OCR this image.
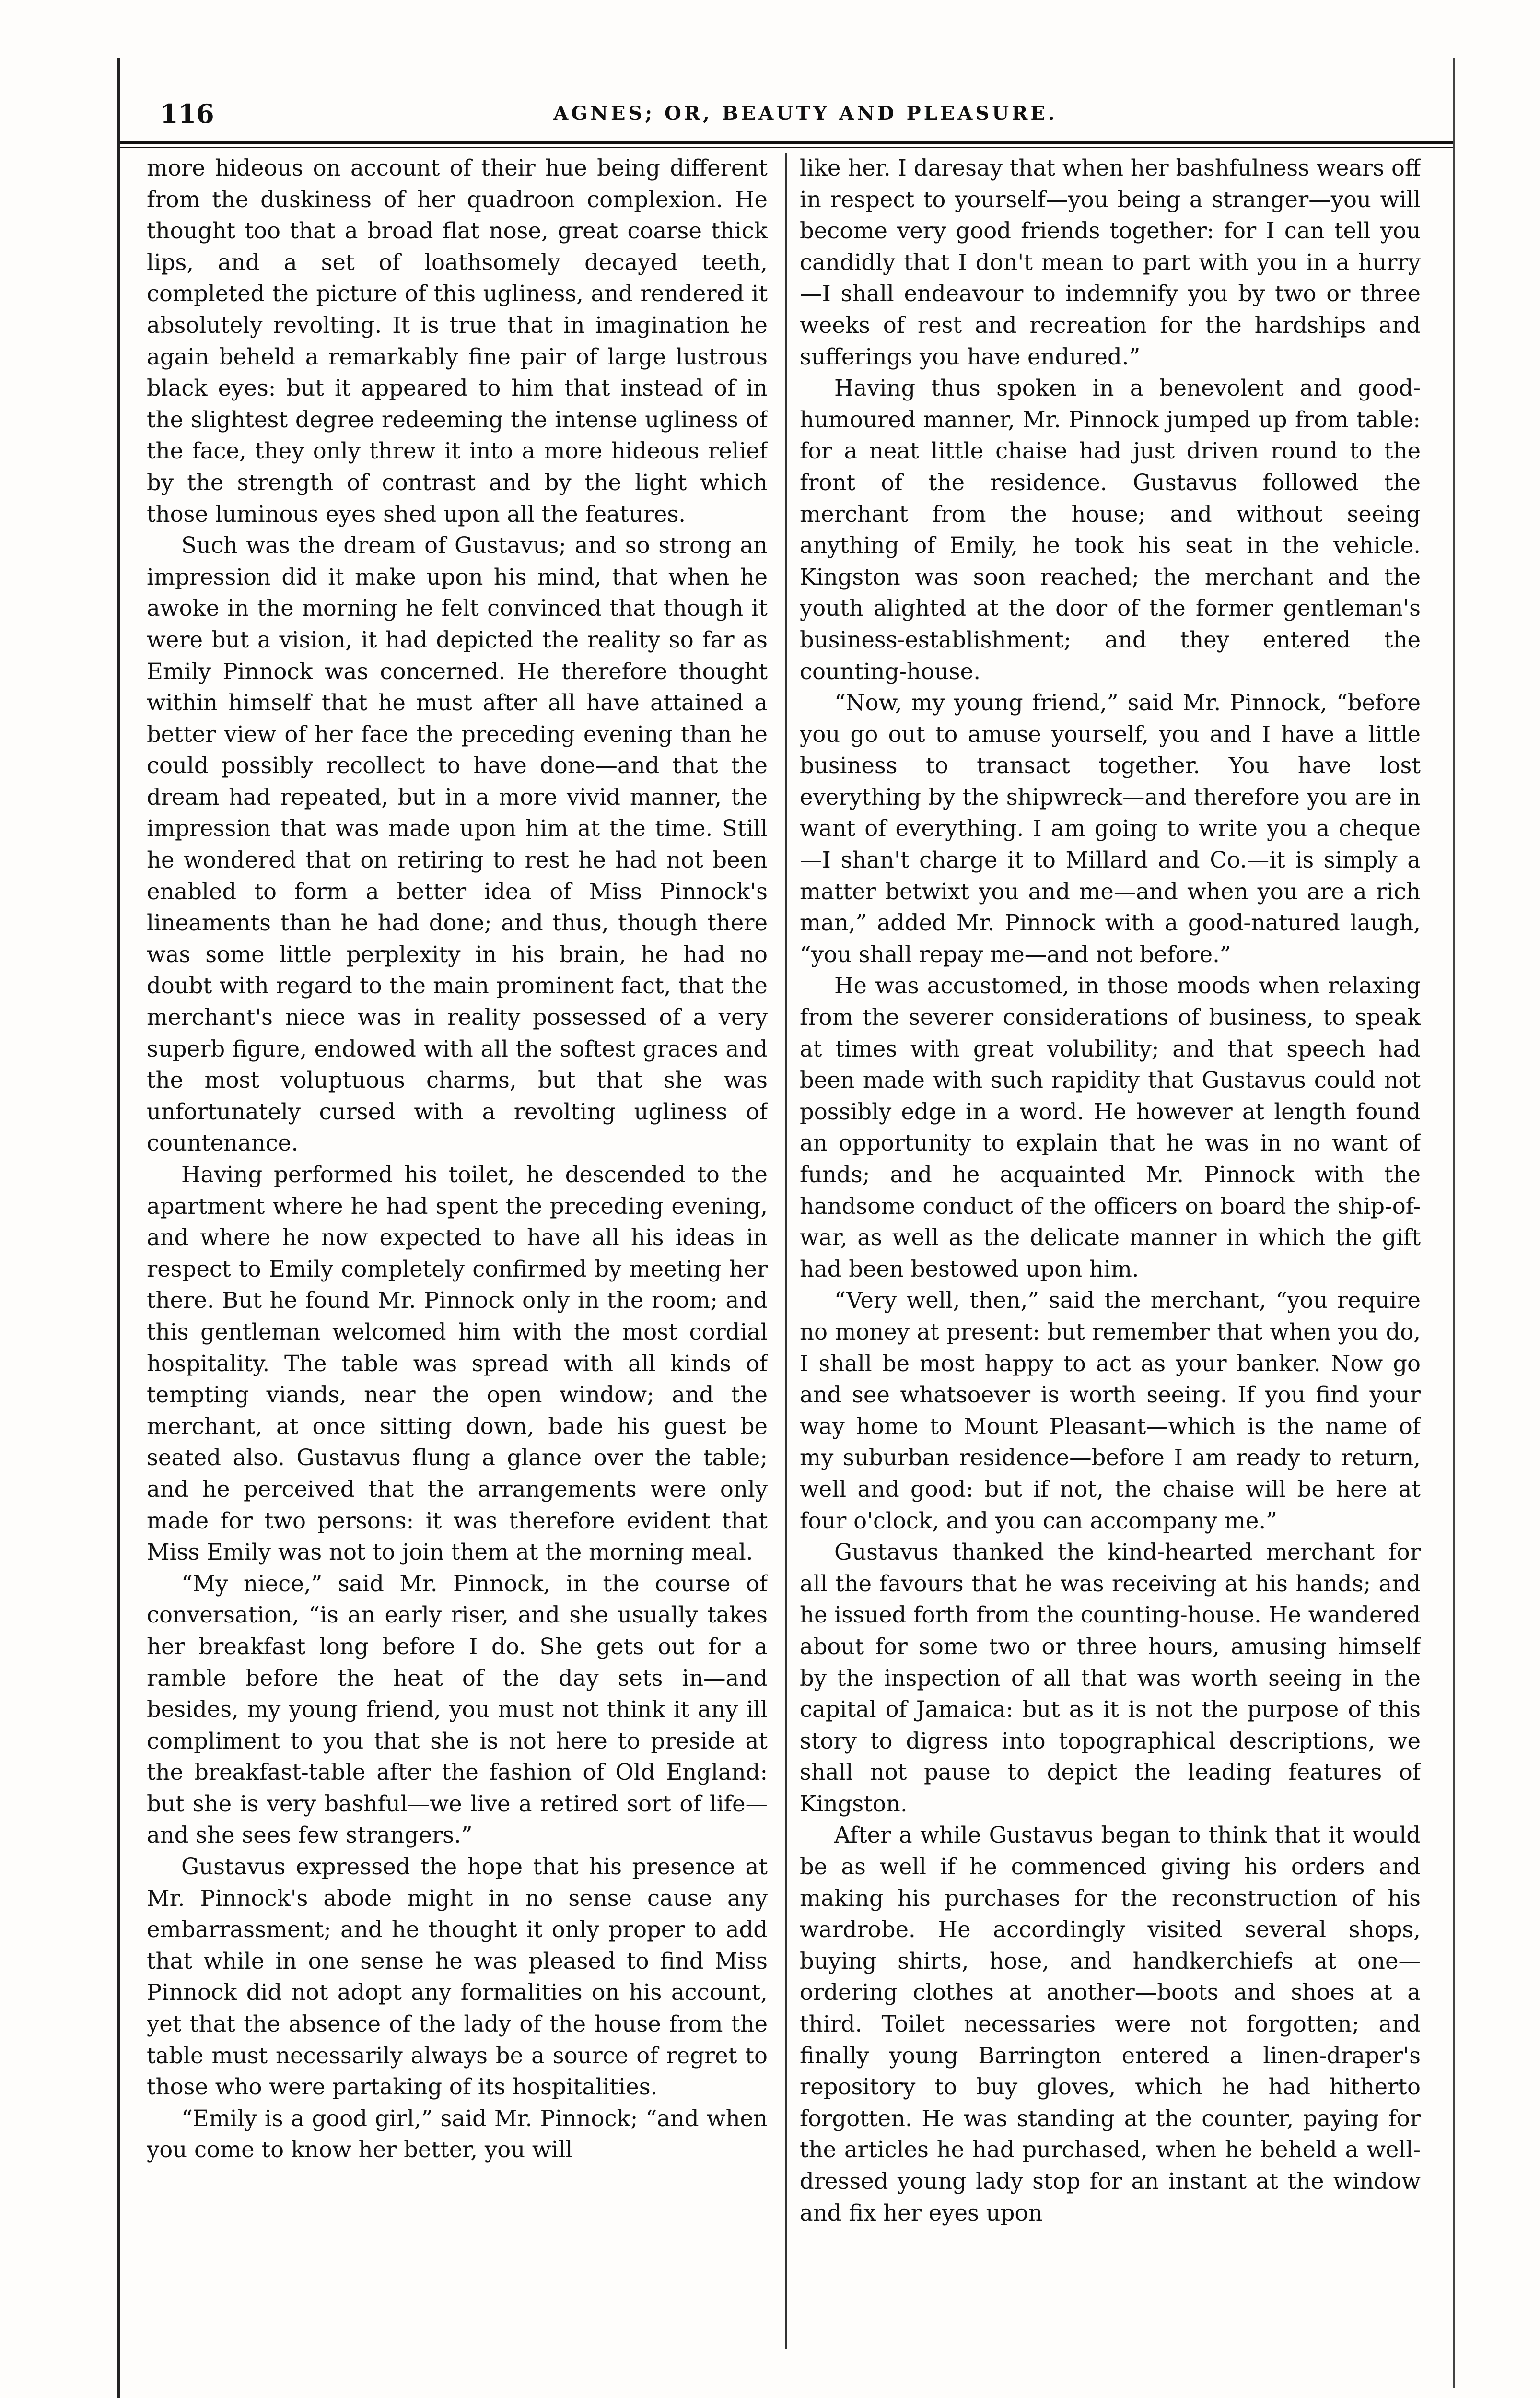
116	AGNES; OR, BEAUTY AND PLEASURE.

more hideous on account of their hue being different from the duskiness of her quadroon complexion. He thought too that a broad flat nose, great coarse thick lips, and a set of loathsomely decayed teeth, completed the picture of this ugliness, and rendered it absolutely revolting. It is true that in imagination he again beheld a remarkably fine pair of large lustrous black eyes: but it appeared to him that instead of in the slightest degree redeeming the intense ugliness of the face, they only threw it into a more hideous relief by the strength of contrast and by the light which those luminous eyes shed upon all the features.

Such was the dream of Gustavus; and so strong an impression did it make upon his mind, that when he awoke in the morning he felt convinced that though it were but a vision, it had depicted the reality so far as Emily Pinnock was concerned. He therefore thought within himself that he must after all have attained a better view of her face the preceding evening than he could possibly recollect to have done—and that the dream had repeated, but in a more vivid manner, the impression that was made upon him at the time. Still he wondered that on retiring to rest he had not been enabled to form a better idea of Miss Pinnock's lineaments than he had done; and thus, though there was some little perplexity in his brain, he had no doubt with regard to the main prominent fact, that the merchant's niece was in reality possessed of a very superb figure, endowed with all the softest graces and the most voluptuous charms, but that she was unfortunately cursed with a revolting ugliness of countenance.

Having performed his toilet, he descended to the apartment where he had spent the preceding evening, and where he now expected to have all his ideas in respect to Emily completely confirmed by meeting her there. But he found Mr. Pinnock only in the room; and this gentleman welcomed him with the most cordial hospitality. The table was spread with all kinds of tempting viands, near the open window; and the merchant, at once sitting down, bade his guest be seated also. Gustavus flung a glance over the table; and he perceived that the arrangements were only made for two persons: it was therefore evident that Miss Emily was not to join them at the morning meal.

“My niece,” said Mr. Pinnock, in the course of conversation, “is an early riser, and she usually takes her breakfast long before I do. She gets out for a ramble before the heat of the day sets in—and besides, my young friend, you must not think it any ill compliment to you that she is not here to preside at the breakfast-table after the fashion of Old England: but she is very bashful—we live a retired sort of life—and she sees few strangers.”

Gustavus expressed the hope that his presence at Mr. Pinnock's abode might in no sense cause any embarrassment; and he thought it only proper to add that while in one sense he was pleased to find Miss Pinnock did not adopt any formalities on his account, yet that the absence of the lady of the house from the table must necessarily always be a source of regret to those who were partaking of its hospitalities.

“Emily is a good girl,” said Mr. Pinnock; “and when you come to know her better, you will

like her. I daresay that when her bashfulness wears off in respect to yourself—you being a stranger—you will become very good friends together: for I can tell you candidly that I don't mean to part with you in a hurry—I shall endeavour to indemnify you by two or three weeks of rest and recreation for the hardships and sufferings you have endured.”

Having thus spoken in a benevolent and good-humoured manner, Mr. Pinnock jumped up from table: for a neat little chaise had just driven round to the front of the residence. Gustavus followed the merchant from the house; and without seeing anything of Emily, he took his seat in the vehicle. Kingston was soon reached; the merchant and the youth alighted at the door of the former gentleman's business-establishment; and they entered the counting-house.

“Now, my young friend,” said Mr. Pinnock, “before you go out to amuse yourself, you and I have a little business to transact together. You have lost everything by the shipwreck—and therefore you are in want of everything. I am going to write you a cheque—I shan't charge it to Millard and Co.—it is simply a matter betwixt you and me—and when you are a rich man,” added Mr. Pinnock with a good-natured laugh, “you shall repay me—and not before.”

He was accustomed, in those moods when relaxing from the severer considerations of business, to speak at times with great volubility; and that speech had been made with such rapidity that Gustavus could not possibly edge in a word. He however at length found an opportunity to explain that he was in no want of funds; and he acquainted Mr. Pinnock with the handsome conduct of the officers on board the ship-of-war, as well as the delicate manner in which the gift had been bestowed upon him.

“Very well, then,” said the merchant, “you require no money at present: but remember that when you do, I shall be most happy to act as your banker. Now go and see whatsoever is worth seeing. If you find your way home to Mount Pleasant—which is the name of my suburban residence—before I am ready to return, well and good: but if not, the chaise will be here at four o'clock, and you can accompany me.”

Gustavus thanked the kind-hearted merchant for all the favours that he was receiving at his hands; and he issued forth from the counting-house. He wandered about for some two or three hours, amusing himself by the inspection of all that was worth seeing in the capital of Jamaica: but as it is not the purpose of this story to digress into topographical descriptions, we shall not pause to depict the leading features of Kingston.

After a while Gustavus began to think that it would be as well if he commenced giving his orders and making his purchases for the reconstruction of his wardrobe. He accordingly visited several shops, buying shirts, hose, and handkerchiefs at one—ordering clothes at another—boots and shoes at a third. Toilet necessaries were not forgotten; and finally young Barrington entered a linen-draper's repository to buy gloves, which he had hitherto forgotten. He was standing at the counter, paying for the articles he had purchased, when he beheld a well-dressed young lady stop for an instant at the window and fix her eyes upon
